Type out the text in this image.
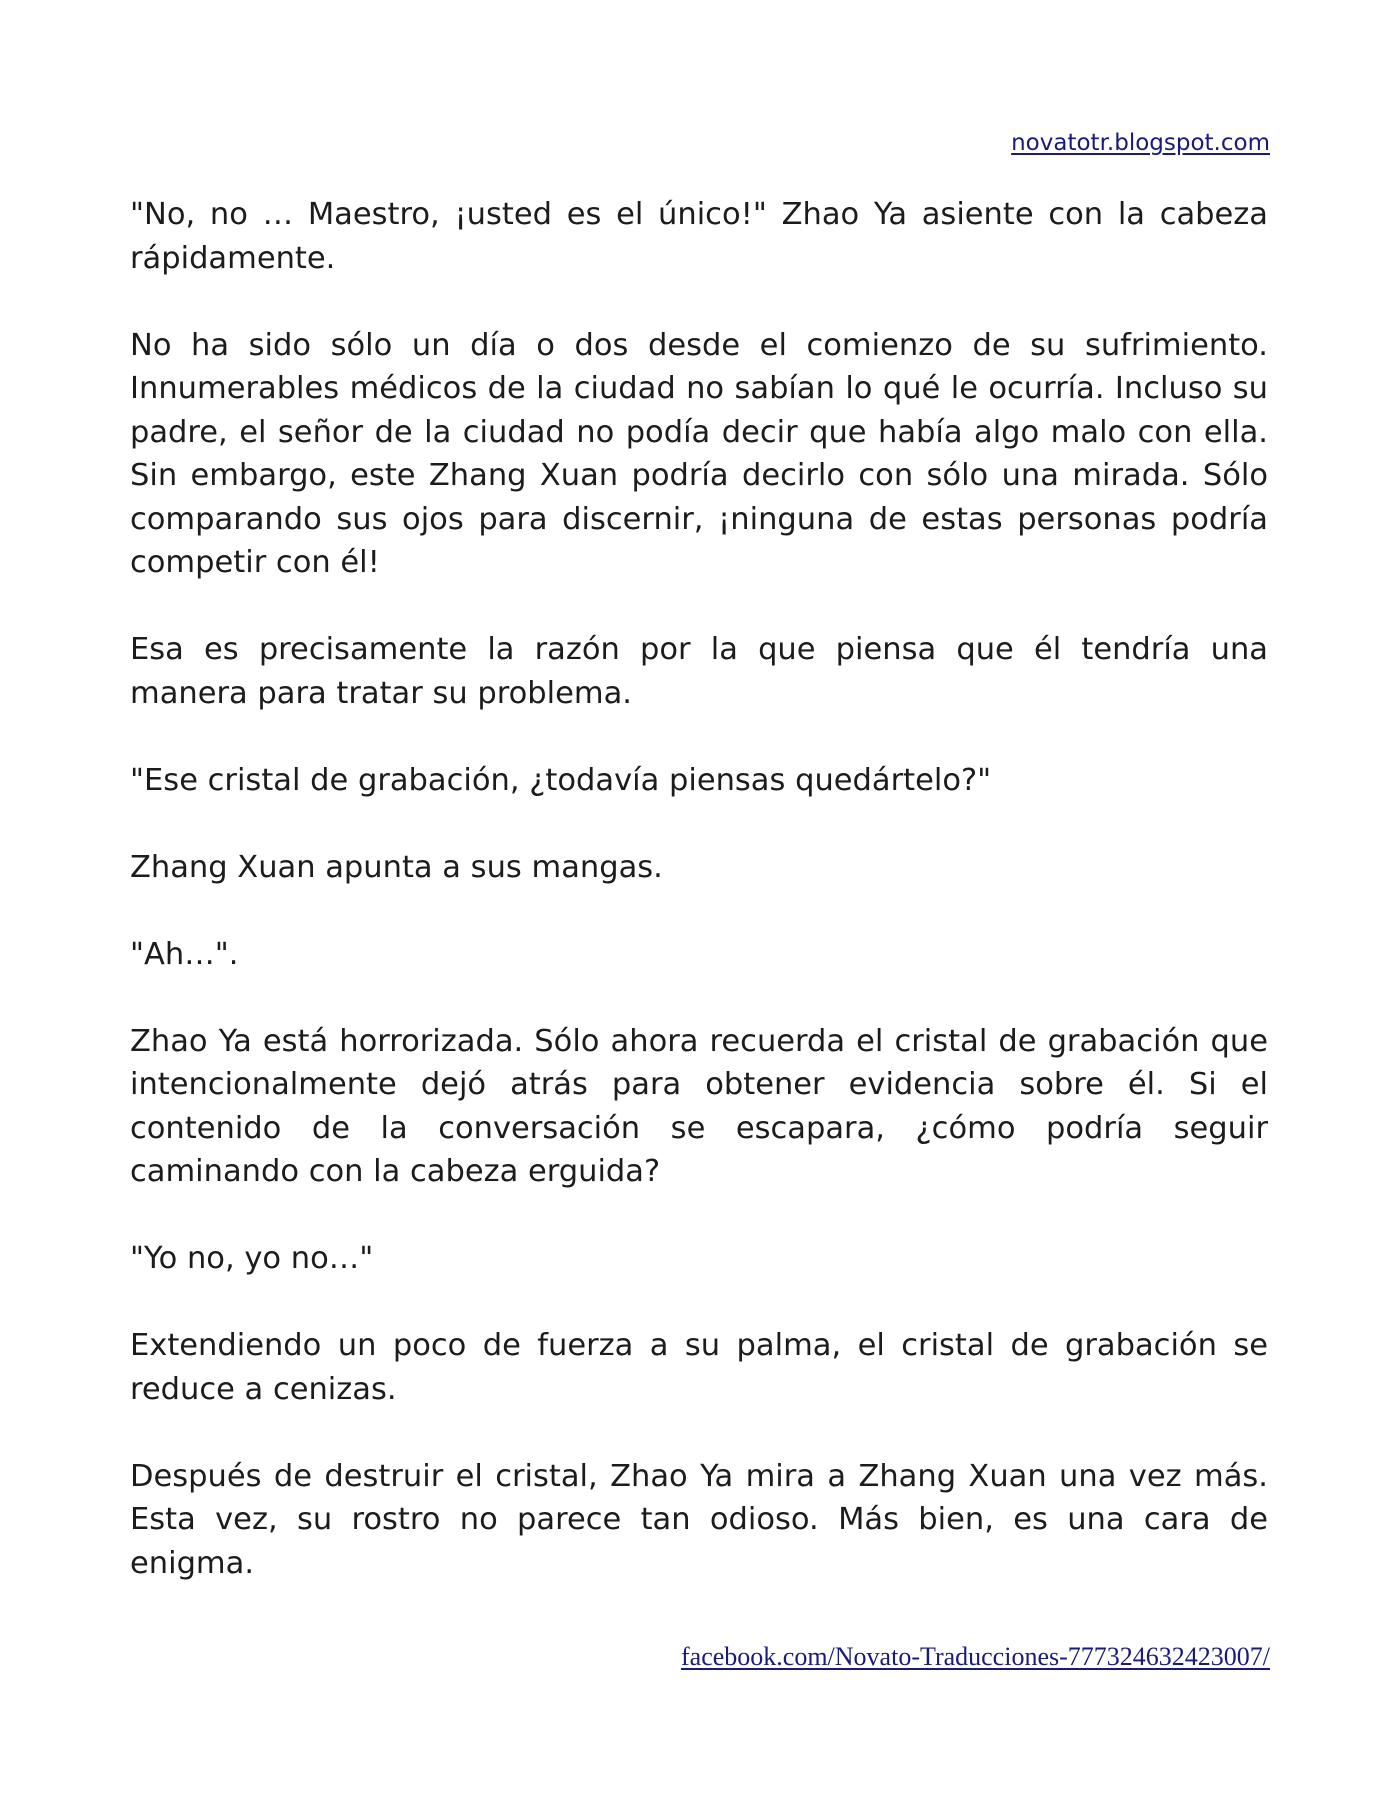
novatotr.blogspot.com

"No, no … Maestro, ¡usted es el único!" Zhao Ya asiente con la cabeza rápidamente.

No ha sido sólo un día o dos desde el comienzo de su sufrimiento. Innumerables médicos de la ciudad no sabían lo qué le ocurría. Incluso su padre, el señor de la ciudad no podía decir que había algo malo con ella. Sin embargo, este Zhang Xuan podría decirlo con sólo una mirada. Sólo comparando sus ojos para discernir, ¡ninguna de estas personas podría competir con él!

Esa es precisamente la razón por la que piensa que él tendría una manera para tratar su problema.

"Ese cristal de grabación, ¿todavía piensas quedártelo?"

Zhang Xuan apunta a sus mangas.

"Ah…".

Zhao Ya está horrorizada. Sólo ahora recuerda el cristal de grabación que intencionalmente dejó atrás para obtener evidencia sobre él. Si el contenido de la conversación se escapara, ¿cómo podría seguir caminando con la cabeza erguida?

"Yo no, yo no…"

Extendiendo un poco de fuerza a su palma, el cristal de grabación se reduce a cenizas.

Después de destruir el cristal, Zhao Ya mira a Zhang Xuan una vez más. Esta vez, su rostro no parece tan odioso. Más bien, es una cara de enigma.

facebook.com/Novato-Traducciones-777324632423007/
